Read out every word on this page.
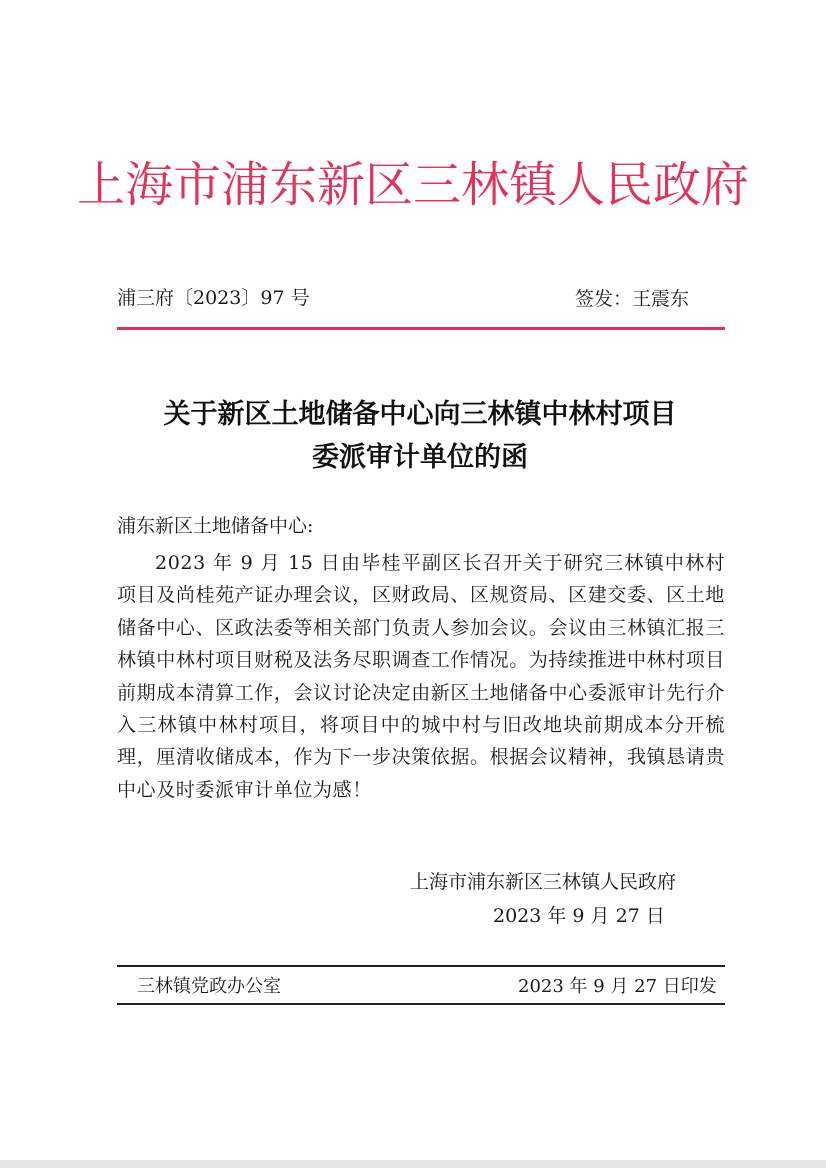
上海市浦东新区三林镇人民政府
浦三府〔2023〕97 号	签发：王震东
关于新区土地储备中心向三林镇中林村项目
委派审计单位的函
浦东新区土地储备中心:
2023 年 9 月 15 日由毕桂平副区长召开关于研究三林镇中林村项目及尚桂苑产证办理会议，区财政局、区规资局、区建交委、区土地储备中心、区政法委等相关部门负责人参加会议。会议由三林镇汇报三林镇中林村项目财税及法务尽职调查工作情况。为持续推进中林村项目前期成本清算工作，会议讨论决定由新区土地储备中心委派审计先行介入三林镇中林村项目，将项目中的城中村与旧改地块前期成本分开梳理，厘清收储成本，作为下一步决策依据。根据会议精神，我镇恳请贵中心及时委派审计单位为感！
上海市浦东新区三林镇人民政府
2023 年 9 月 27 日
三林镇党政办公室	2023 年 9 月 27 日印发
